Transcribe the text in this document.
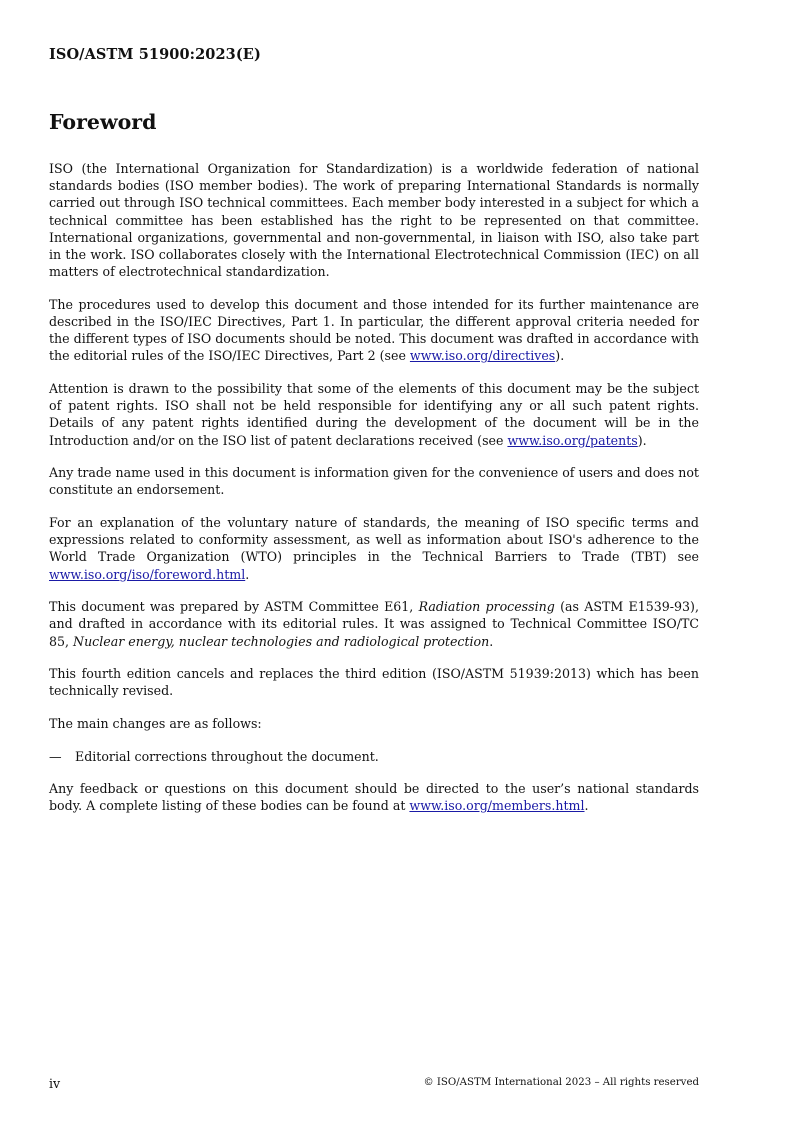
ISO/ASTM 51900:2023(E)
Foreword

ISO (the International Organization for Standardization) is a worldwide federation of national standards bodies (ISO member bodies). The work of preparing International Standards is normally carried out through ISO technical committees. Each member body interested in a subject for which a technical committee has been established has the right to be represented on that committee. International organizations, governmental and non-governmental, in liaison with ISO, also take part in the work. ISO collaborates closely with the International Electrotechnical Commission (IEC) on all matters of electrotechnical standardization.

The procedures used to develop this document and those intended for its further maintenance are described in the ISO/IEC Directives, Part 1. In particular, the different approval criteria needed for the different types of ISO documents should be noted. This document was drafted in accordance with the editorial rules of the ISO/IEC Directives, Part 2 (see www.iso.org/directives).

Attention is drawn to the possibility that some of the elements of this document may be the subject of patent rights. ISO shall not be held responsible for identifying any or all such patent rights. Details of any patent rights identified during the development of the document will be in the Introduction and/or on the ISO list of patent declarations received (see www.iso.org/patents).

Any trade name used in this document is information given for the convenience of users and does not constitute an endorsement.

For an explanation of the voluntary nature of standards, the meaning of ISO specific terms and expressions related to conformity assessment, as well as information about ISO's adherence to the World Trade Organization (WTO) principles in the Technical Barriers to Trade (TBT) see www.iso.org/iso/foreword.html.

This document was prepared by ASTM Committee E61, Radiation processing (as ASTM E1539-93), and drafted in accordance with its editorial rules. It was assigned to Technical Committee ISO/TC 85, Nuclear energy, nuclear technologies and radiological protection.

This fourth edition cancels and replaces the third edition (ISO/ASTM 51939:2013) which has been technically revised.

The main changes are as follows:

—	Editorial corrections throughout the document.

Any feedback or questions on this document should be directed to the user’s national standards body. A complete listing of these bodies can be found at www.iso.org/members.html.

iv	© ISO/ASTM International 2023 – All rights reserved
